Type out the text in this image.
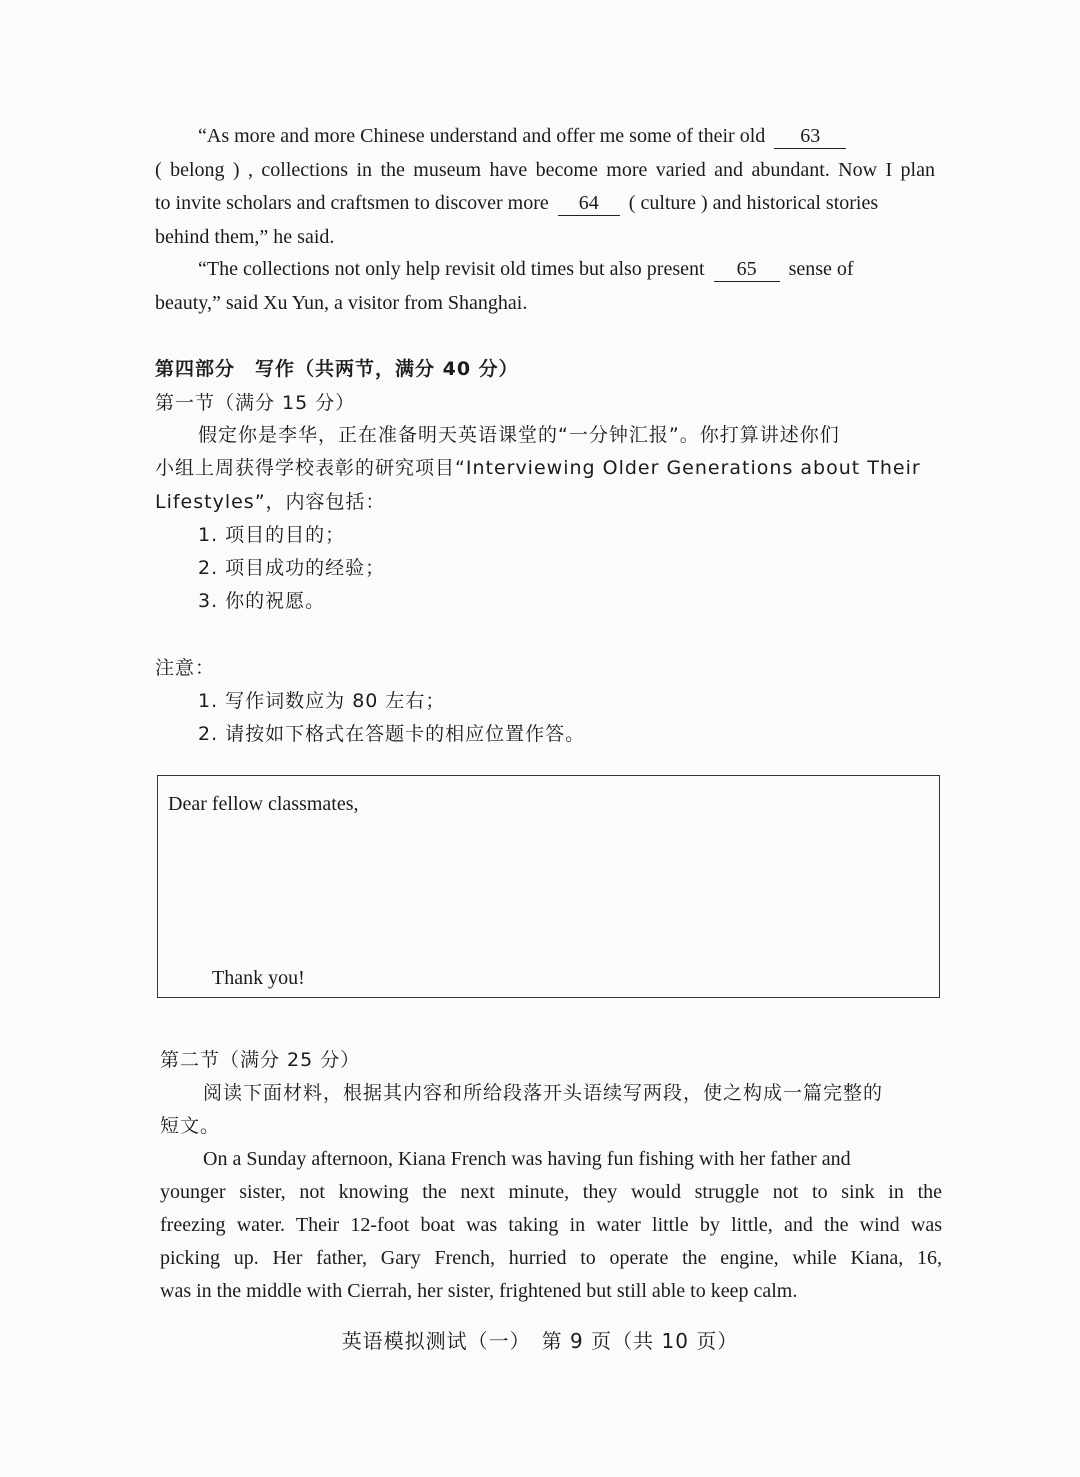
“As more and more Chinese understand and offer me some of their old 63
( belong ) , collections in the museum have become more varied and abundant. Now I plan
to invite scholars and craftsmen to discover more 64 ( culture ) and historical stories
behind them,” he said.
“The collections not only help revisit old times but also present 65 sense of
beauty,” said Xu Yun, a visitor from Shanghai.
第四部分　写作（共两节，满分 40 分）
第一节（满分 15 分）
假定你是李华，正在准备明天英语课堂的“一分钟汇报”。你打算讲述你们
小组上周获得学校表彰的研究项目“Interviewing Older Generations about Their
Lifestyles”，内容包括：
1. 项目的目的；
2. 项目成功的经验；
3. 你的祝愿。
注意：
1. 写作词数应为 80 左右；
2. 请按如下格式在答题卡的相应位置作答。
Dear fellow classmates,
Thank you!
第二节（满分 25 分）
阅读下面材料，根据其内容和所给段落开头语续写两段，使之构成一篇完整的
短文。
On a Sunday afternoon, Kiana French was having fun fishing with her father and
younger sister, not knowing the next minute, they would struggle not to sink in the
freezing water. Their 12-foot boat was taking in water little by little, and the wind was
picking up. Her father, Gary French, hurried to operate the engine, while Kiana, 16,
was in the middle with Cierrah, her sister, frightened but still able to keep calm.
英语模拟测试（一）　第 9 页（共 10 页）
